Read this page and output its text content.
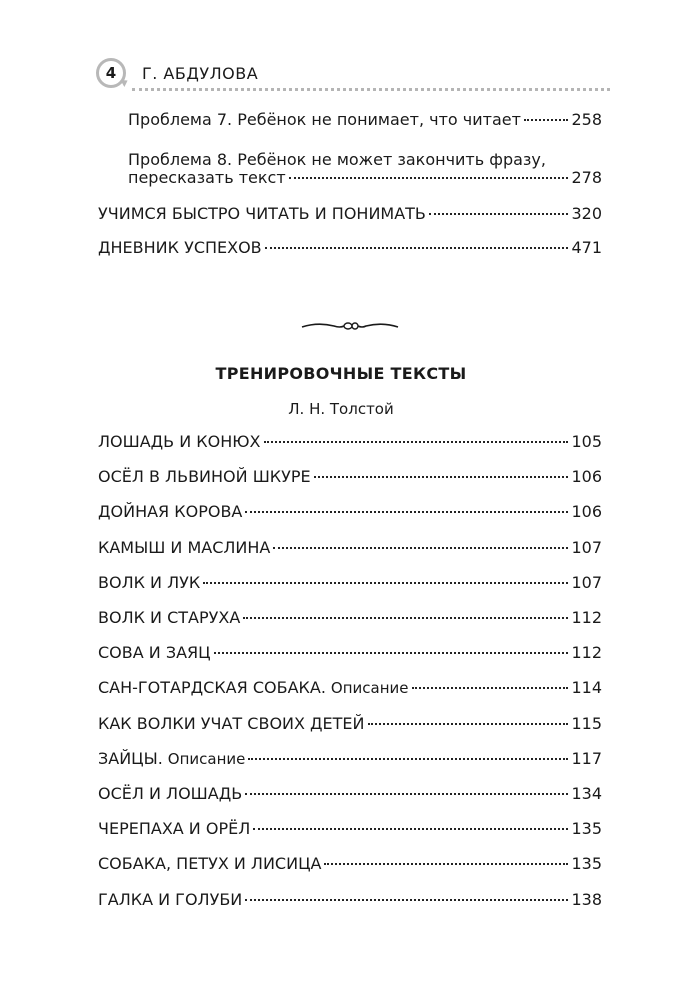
4 Г. АБДУЛОВА
Проблема 7. Ребёнок не понимает, что читает	258
Проблема 8. Ребёнок не может закончить фразу,
пересказать текст	278
УЧИМСЯ БЫСТРО ЧИТАТЬ И ПОНИМАТЬ	320
ДНЕВНИК УСПЕХОВ	471
ТРЕНИРОВОЧНЫЕ ТЕКСТЫ
Л. Н. Толстой
ЛОШАДЬ И КОНЮХ	105
ОСЁЛ В ЛЬВИНОЙ ШКУРЕ	106
ДОЙНАЯ КОРОВА	106
КАМЫШ И МАСЛИНА	107
ВОЛК И ЛУК	107
ВОЛК И СТАРУХА	112
СОВА И ЗАЯЦ	112
САН-ГОТАРДСКАЯ СОБАКА. Описание	114
КАК ВОЛКИ УЧАТ СВОИХ ДЕТЕЙ	115
ЗАЙЦЫ. Описание	117
ОСЁЛ И ЛОШАДЬ	134
ЧЕРЕПАХА И ОРЁЛ	135
СОБАКА, ПЕТУХ И ЛИСИЦА	135
ГАЛКА И ГОЛУБИ	138
